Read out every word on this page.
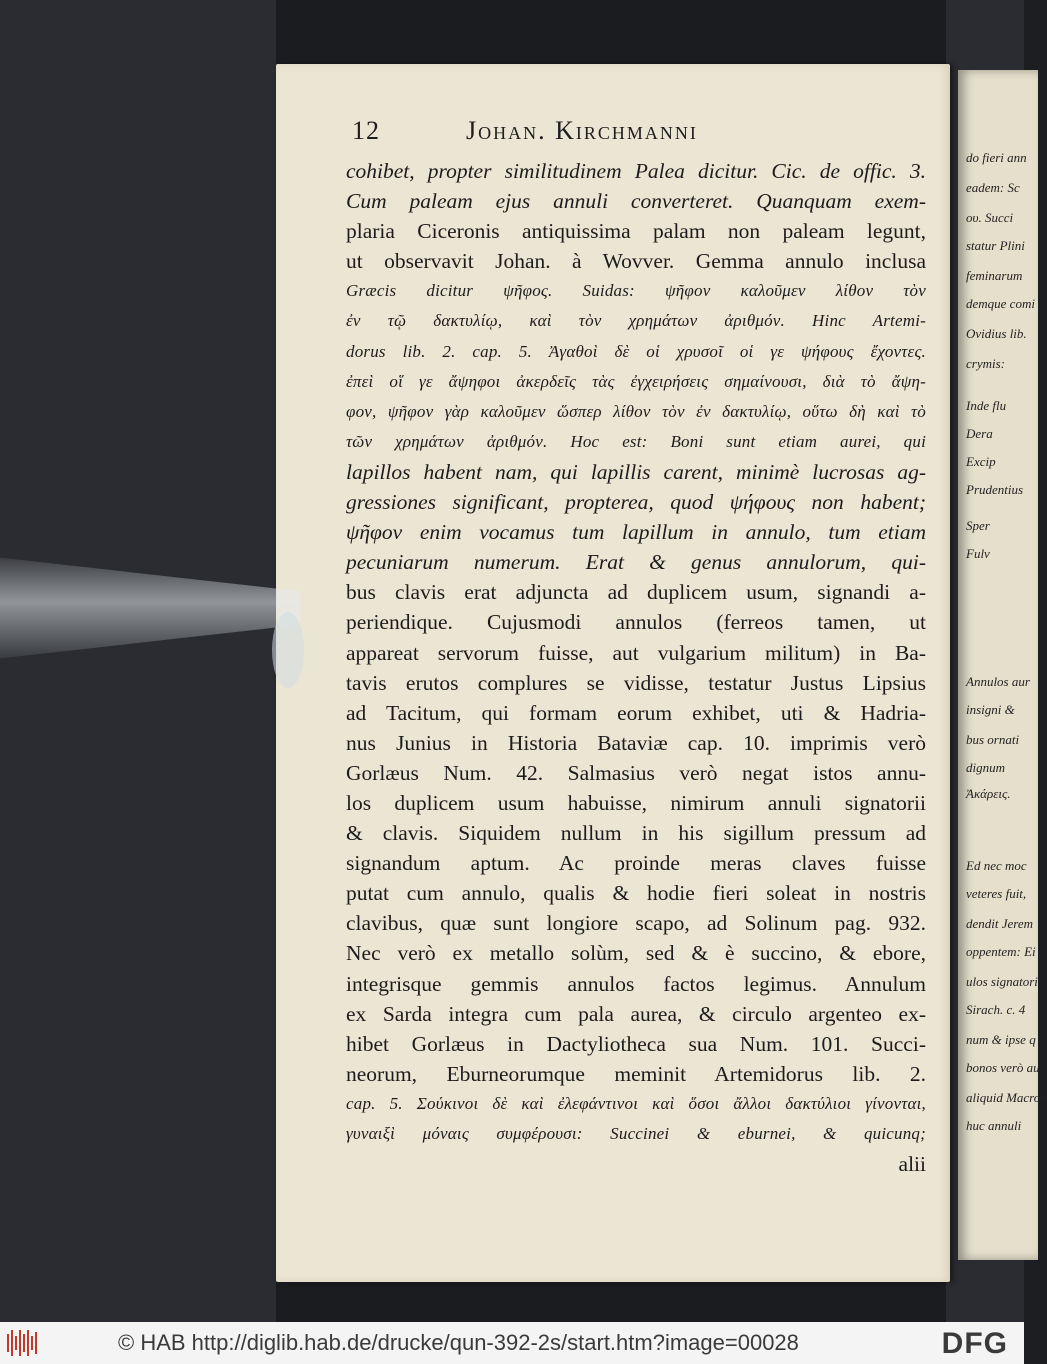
do fieri ann
eadem: Sc
ου. Succi
statur Plini
feminarum
demque comi
Ovidius lib.
crymis:
Inde flu
Dera
Excip
Prudentius
Sper
Fulv
Annulos aur
insigni &
bus ornati
dignum
Ἀκάρεις.
Ed nec moc
veteres fuit,
dendit Jerem
oppentem: Ei
ulos signatori
Sirach. c. 4
num & ipse q
bonos verò au
aliquid Macrob
huc annuli
12	Johan. Kirchmanni
cohibet, propter similitudinem Palea dicitur. Cic. de offic. 3.
Cum paleam ejus annuli converteret. Quanquam exem-
plaria Ciceronis antiquissima palam non paleam legunt,
ut observavit Johan. à Wovver. Gemma annulo inclusa
Græcis dicitur ψῆφος. Suidas: ψῆφον καλοῦμεν λίθον τὸν
ἐν τῷ δακτυλίῳ, καὶ τὸν χρημάτων ἀριθμόν. Hinc Artemi-
dorus lib. 2. cap. 5. Ἀγαθοὶ δὲ οἱ χρυσοῖ οἱ γε ψήφους ἔχοντες.
ἐπεὶ οἵ γε ἄψηφοι ἀκερδεῖς τὰς ἐγχειρήσεις σημαίνουσι, διὰ τὸ ἄψη-
φον, ψῆφον γὰρ καλοῦμεν ὥσπερ λίθον τὸν ἐν δακτυλίῳ, οὕτω δὴ καὶ τὸ
τῶν χρημάτων ἀριθμόν. Hoc est: Boni sunt etiam aurei, qui
lapillos habent nam, qui lapillis carent, minimè lucrosas ag-
gressiones significant, propterea, quod ψήφους non habent;
ψῆφον enim vocamus tum lapillum in annulo, tum etiam
pecuniarum numerum. Erat & genus annulorum, qui-
bus clavis erat adjuncta ad duplicem usum, signandi a-
periendique. Cujusmodi annulos (ferreos tamen, ut
appareat servorum fuisse, aut vulgarium militum) in Ba-
tavis erutos complures se vidisse, testatur Justus Lipsius
ad Tacitum, qui formam eorum exhibet, uti & Hadria-
nus Junius in Historia Bataviæ cap. 10. imprimis verò
Gorlæus Num. 42. Salmasius verò negat istos annu-
los duplicem usum habuisse, nimirum annuli signatorii
& clavis. Siquidem nullum in his sigillum pressum ad
signandum aptum. Ac proinde meras claves fuisse
putat cum annulo, qualis & hodie fieri soleat in nostris
clavibus, quæ sunt longiore scapo, ad Solinum pag. 932.
Nec verò ex metallo solùm, sed & è succino, & ebore,
integrisque gemmis annulos factos legimus. Annulum
ex Sarda integra cum pala aurea, & circulo argenteo ex-
hibet Gorlæus in Dactyliotheca sua Num. 101. Succi-
neorum, Eburneorumque meminit Artemidorus lib. 2.
cap. 5. Σούκινοι δὲ καὶ ἐλεφάντινοι καὶ ὅσοι ἄλλοι δακτύλιοι γίνονται,
γυναιξὶ μόναις συμφέρουσι: Succinei & eburnei, & quicunq;
alii
© HAB http://diglib.hab.de/drucke/qun-392-2s/start.htm?image=00028	DFG
